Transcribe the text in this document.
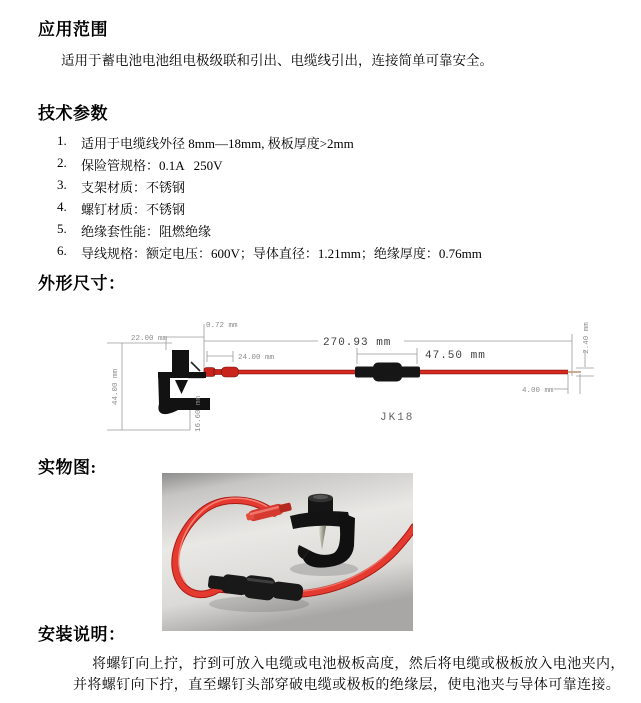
应用范围
适用于蓄电池电池组电极级联和引出、电缆线引出，连接简单可靠安全。
技术参数
1. 适用于电缆线外径 8mm—18mm, 极板厚度>2mm
2. 保险管规格：0.1A   250V
3. 支架材质：不锈钢
4. 螺钉材质：不锈钢
5. 绝缘套性能：阻燃绝缘
6. 导线规格：额定电压：600V；导体直径：1.21mm；绝缘厚度：0.76mm
外形尺寸：
22.00 mm
0.72 mm
24.00 mm
4.00 mm
44.00 mm
16.60 mm
2.40 mm
270.93 mm
47.50 mm
JK18
实物图:
安装说明：
将螺钉向上拧，拧到可放入电缆或电池极板高度，然后将电缆或极板放入电池夹内，
并将螺钉向下拧，直至螺钉头部穿破电缆或极板的绝缘层，使电池夹与导体可靠连接。
